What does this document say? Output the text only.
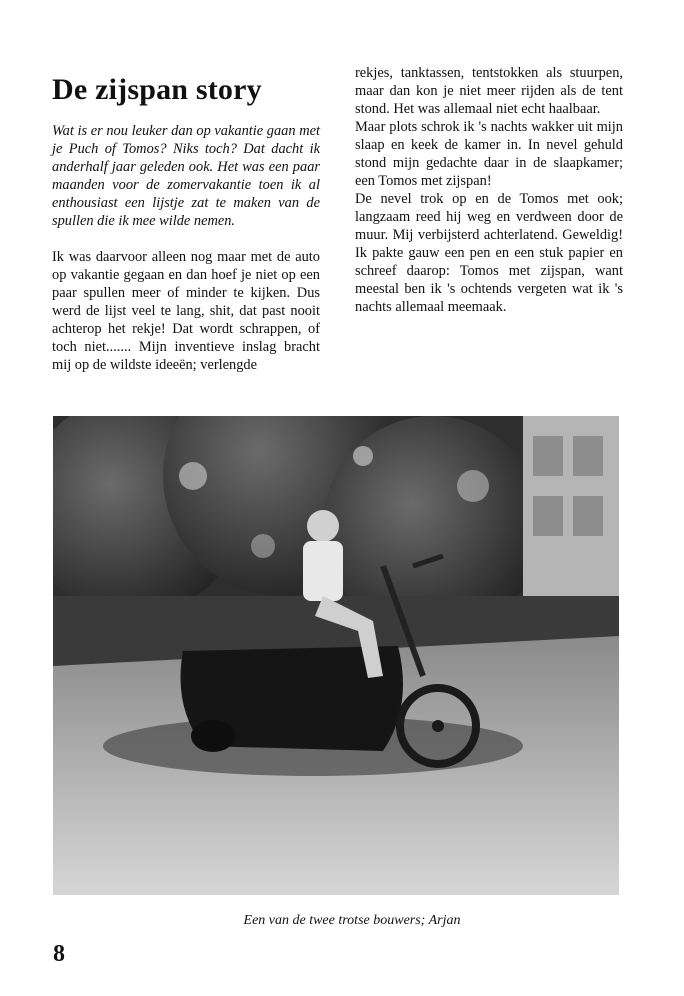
De zijspan story

Wat is er nou leuker dan op vakantie gaan met je Puch of Tomos? Niks toch? Dat dacht ik anderhalf jaar geleden ook. Het was een paar maanden voor de zomervakantie toen ik al enthousiast een lijstje zat te maken van de spullen die ik mee wilde nemen.

Ik was daarvoor alleen nog maar met de auto op vakantie gegaan en dan hoef je niet op een paar spullen meer of minder te kijken. Dus werd de lijst veel te lang, shit, dat past nooit achterop het rekje! Dat wordt schrappen, of toch niet....... Mijn inventieve inslag bracht mij op de wildste ideeën; verlengde

rekjes, tanktassen, tentstokken als stuurpen, maar dan kon je niet meer rijden als de tent stond. Het was allemaal niet echt haalbaar.

Maar plots schrok ik 's nachts wakker uit mijn slaap en keek de kamer in. In nevel gehuld stond mijn gedachte daar in de slaapkamer; een Tomos met zijspan!

De nevel trok op en de Tomos met ook; langzaam reed hij weg en verdween door de muur. Mij verbijsterd achterlatend. Geweldig! Ik pakte gauw een pen en een stuk papier en schreef daarop: Tomos met zijspan, want meestal ben ik 's ochtends vergeten wat ik 's nachts allemaal meemaak.

Een van de twee trotse bouwers; Arjan
8
